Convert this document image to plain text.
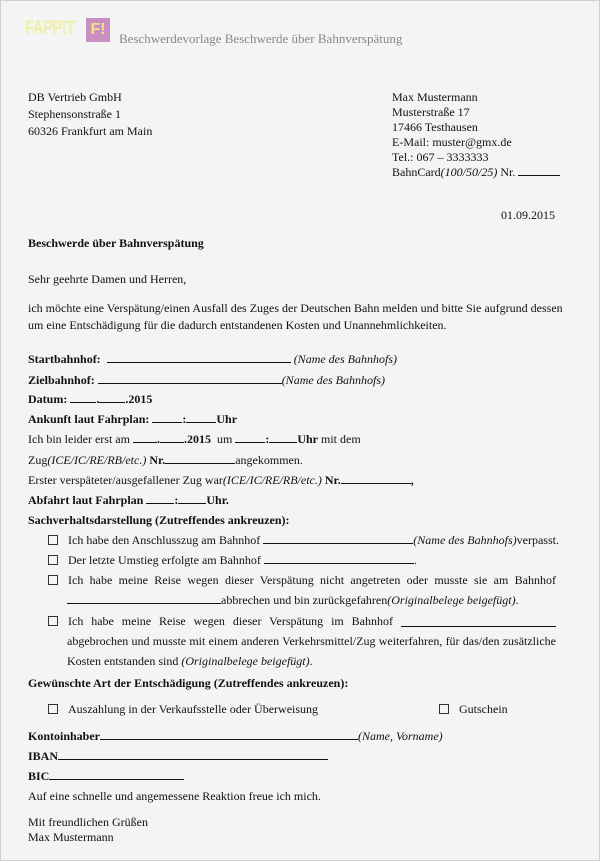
FAPP!T F!
Beschwerdevorlage Beschwerde über Bahnverspätung
DB Vertrieb GmbH
Stephensonstraße 1
60326 Frankfurt am Main
Max Mustermann
Musterstraße 17
17466 Testhausen
E-Mail: muster@gmx.de
Tel.: 067 – 3333333
BahnCard(100/50/25) Nr.
01.09.2015
Beschwerde über Bahnverspätung
Sehr geehrte Damen und Herren,
ich möchte eine Verspätung/einen Ausfall des Zuges der Deutschen Bahn melden und bitte Sie aufgrund dessen
um eine Entschädigung für die dadurch entstandenen Kosten und Unannehmlichkeiten.
Startbahnhof:	(Name des Bahnhofs)
Zielbahnhof:	(Name des Bahnhofs)
Datum: . .2015
Ankunft laut Fahrplan:	:	Uhr
Ich bin leider erst am . .2015 um	: Uhr mit dem
Zug(ICE/IC/RE/RB/etc.) Nr.	angekommen.
Erster verspäteter/ausgefallener Zug war(ICE/IC/RE/RB/etc.) Nr.	,
Abfahrt laut Fahrplan	: Uhr.
Sachverhaltsdarstellung (Zutreffendes ankreuzen):
Ich habe den Anschlusszug am Bahnhof	(Name des Bahnhofs)verpasst.
Der letzte Umstieg erfolgte am Bahnhof	.
Ich habe meine Reise wegen dieser Verspätung nicht angetreten oder musste sie am Bahnhof
abbrechen und bin zurückgefahren(Originalbelege beigefügt).
Ich habe meine Reise wegen dieser Verspätung im Bahnhof
abgebrochen und musste mit einem anderen Verkehrsmittel/Zug weiterfahren, für das/den zusätzliche
Kosten entstanden sind (Originalbelege beigefügt).
Gewünschte Art der Entschädigung (Zutreffendes ankreuzen):
Auszahlung in der Verkaufsstelle oder Überweisung	Gutschein
Kontoinhaber	(Name, Vorname)
IBAN
BIC
Auf eine schnelle und angemessene Reaktion freue ich mich.
Mit freundlichen Grüßen
Max Mustermann
